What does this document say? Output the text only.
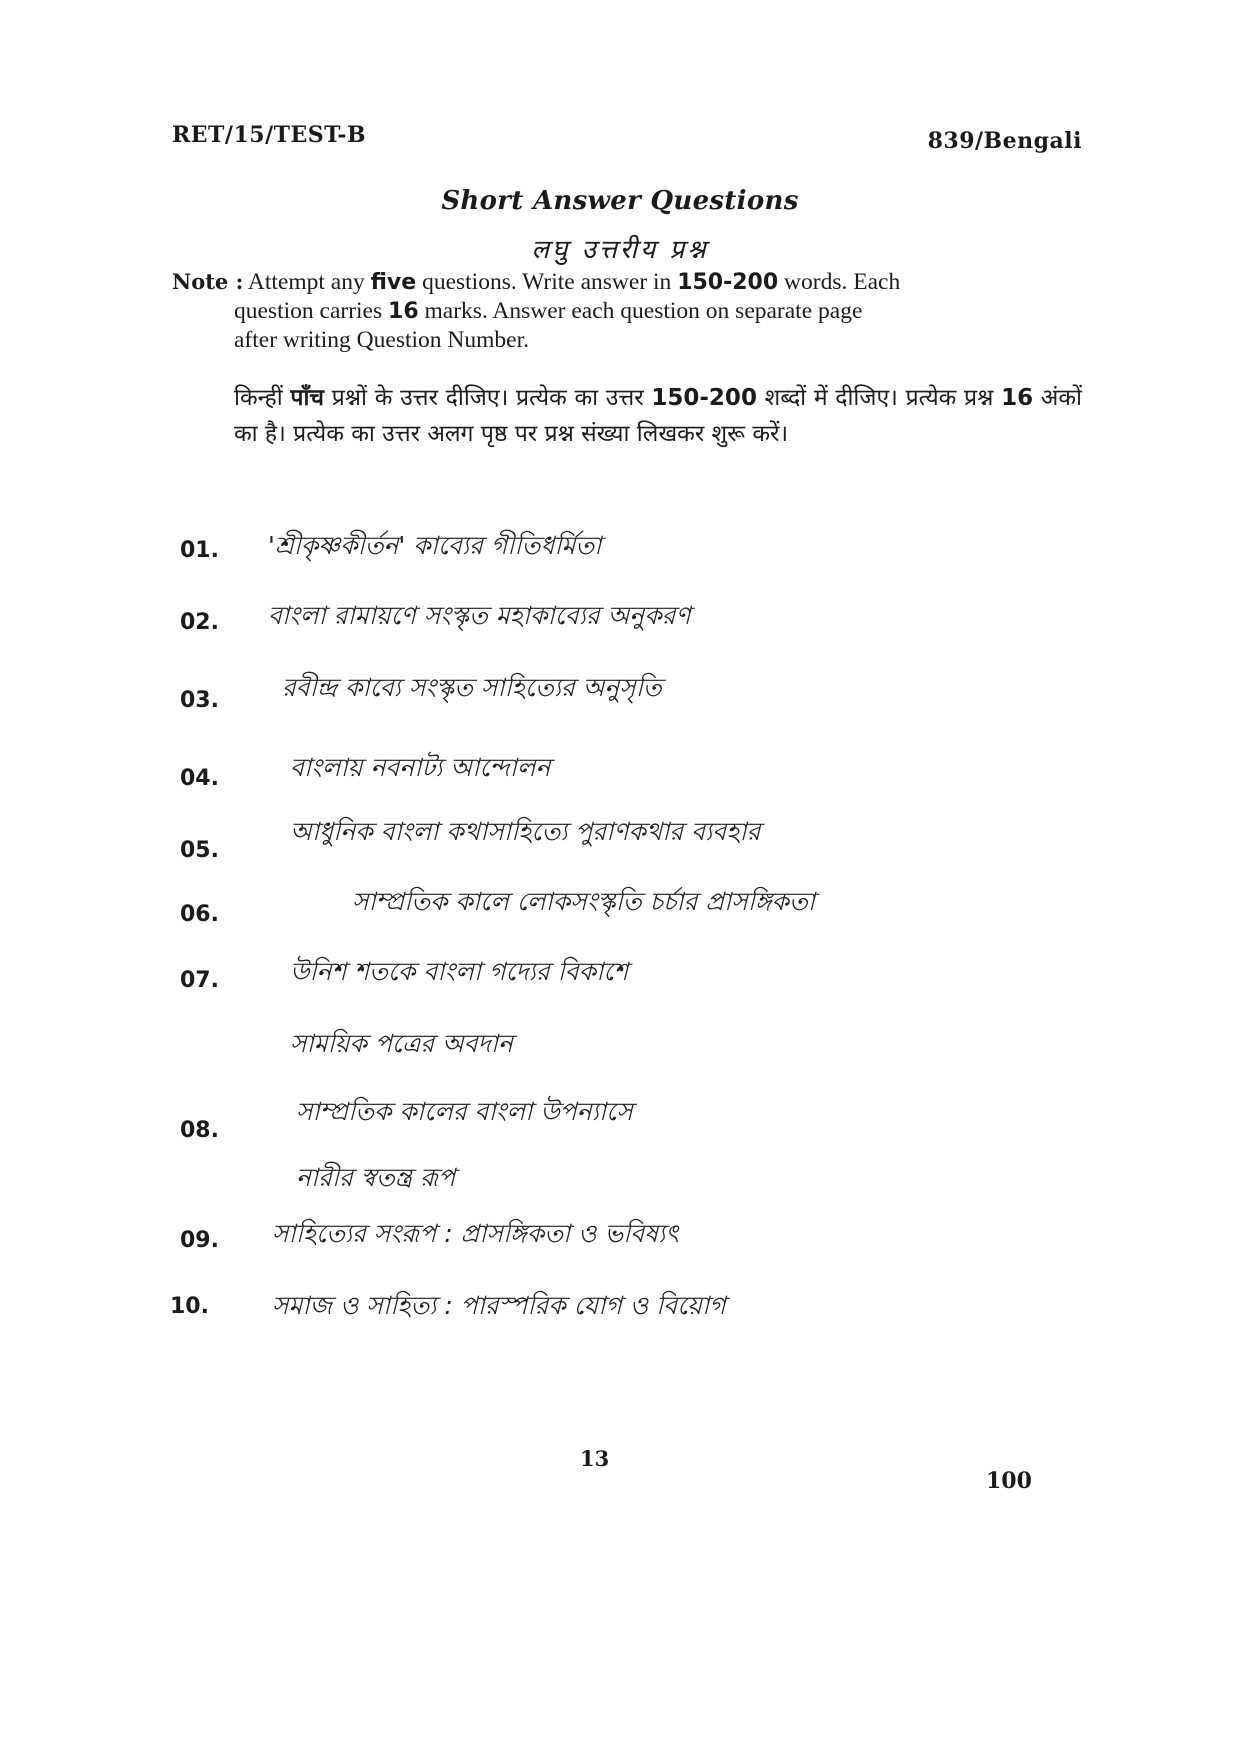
RET/15/TEST-B	839/Bengali
Short Answer Questions
लघु उत्तरीय प्रश्न
Note : Attempt any five questions. Write answer in 150-200 words. Each
question carries 16 marks. Answer each question on separate page
after writing Question Number.
किन्हीं पाँच प्रश्नों के उत्तर दीजिए। प्रत्येक का उत्तर 150-200 शब्दों में दीजिए। प्रत्येक प्रश्न 16 अंकों का है। प्रत्येक का उत्तर अलग पृष्ठ पर प्रश्न संख्या लिखकर शुरू करें।
01. 'শ্রীকৃষ্ণকীর্তন' কাব্যের গীতিধর্মিতা
02. বাংলা রামায়ণে সংস্কৃত মহাকাব্যের অনুকরণ
03.	রবীন্দ্র কাব্যে সংস্কৃত সাহিত্যের অনুসৃতি
04.	বাংলায় নবনাট্য আন্দোলন
05.
আধুনিক বাংলা কথাসাহিত্যে পুরাণকথার ব্যবহার
06.	সাম্প্রতিক কালে লোকসংস্কৃতি চর্চার প্রাসঙ্গিকতা
07.	উনিশ শতকে বাংলা গদ্যের বিকাশে
সাময়িক পত্রের অবদান
08.
সাম্প্রতিক কালের বাংলা উপন্যাসে
নারীর স্বতন্ত্র রূপ
09. সাহিত্যের সংরূপ : প্রাসঙ্গিকতা ও ভবিষ্যৎ
10.	সমাজ ও সাহিত্য : পারস্পরিক যোগ ও বিয়োগ
13
100
